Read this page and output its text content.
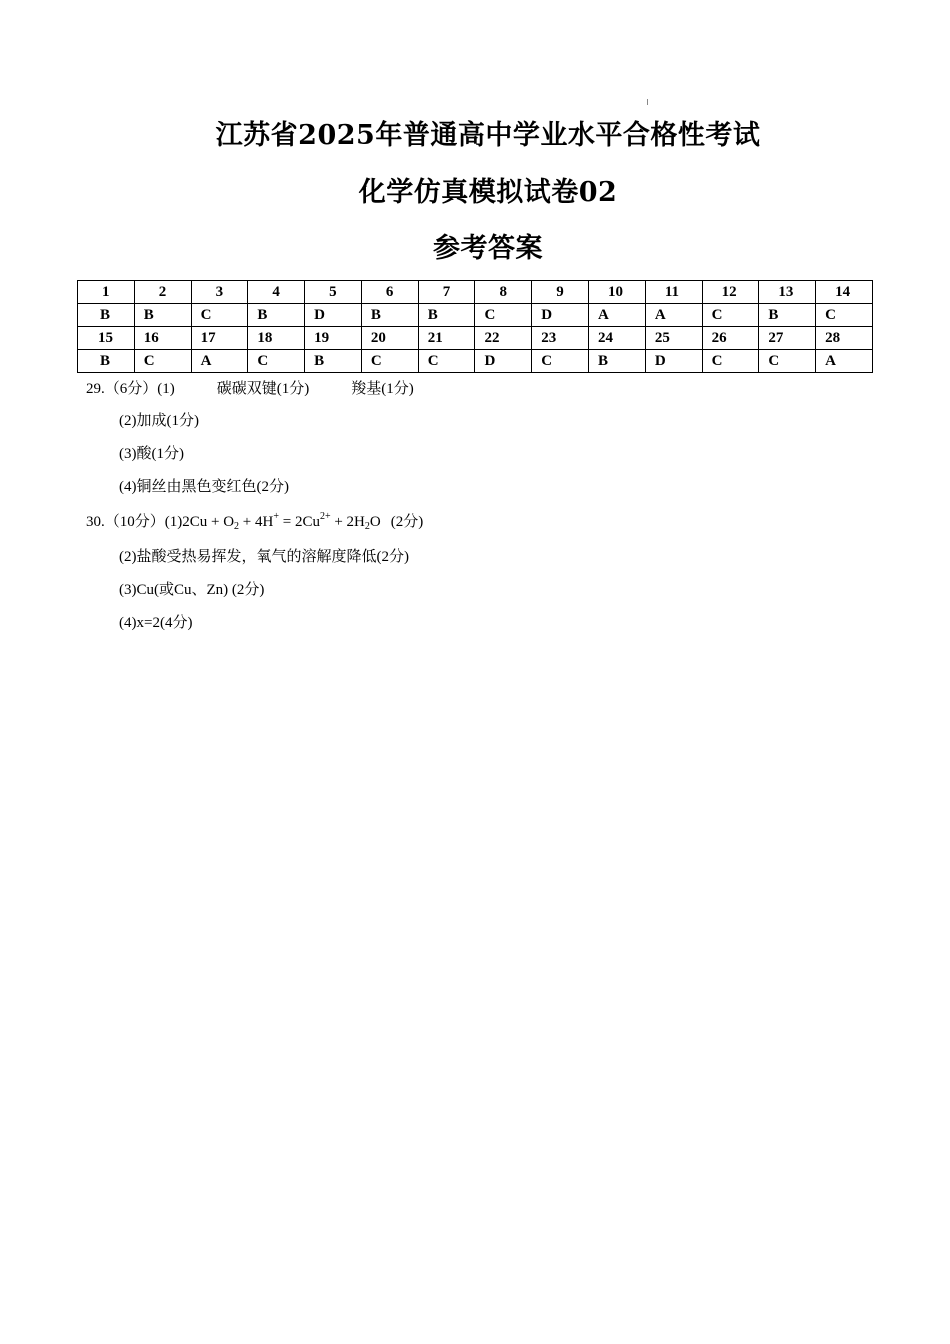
江苏省2025年普通高中学业水平合格性考试
化学仿真模拟试卷02
参考答案
1	2	3	4	5	6	7	8	9	10	11	12	13	14
B	B	C	B	D	B	B	C	D	A	A	C	B	C
15	16	17	18	19	20	21	22	23	24	25	26	27	28
B	C	A	C	B	C	C	D	C	B	D	C	C	A
29.（6分）(1)	碳碳双键(1分)	羧基(1分)
(2)加成(1分)
(3)酸(1分)
(4)铜丝由黑色变红色(2分)
30.（10分）$(1)2Cu + O_2 + 4H^+ = 2Cu^{2+} + 2H_2O$ (2分)
(2)盐酸受热易挥发，氧气的溶解度降低(2分)
(3)Cu(或Cu、Zn) (2分)
(4)x=2(4分)
